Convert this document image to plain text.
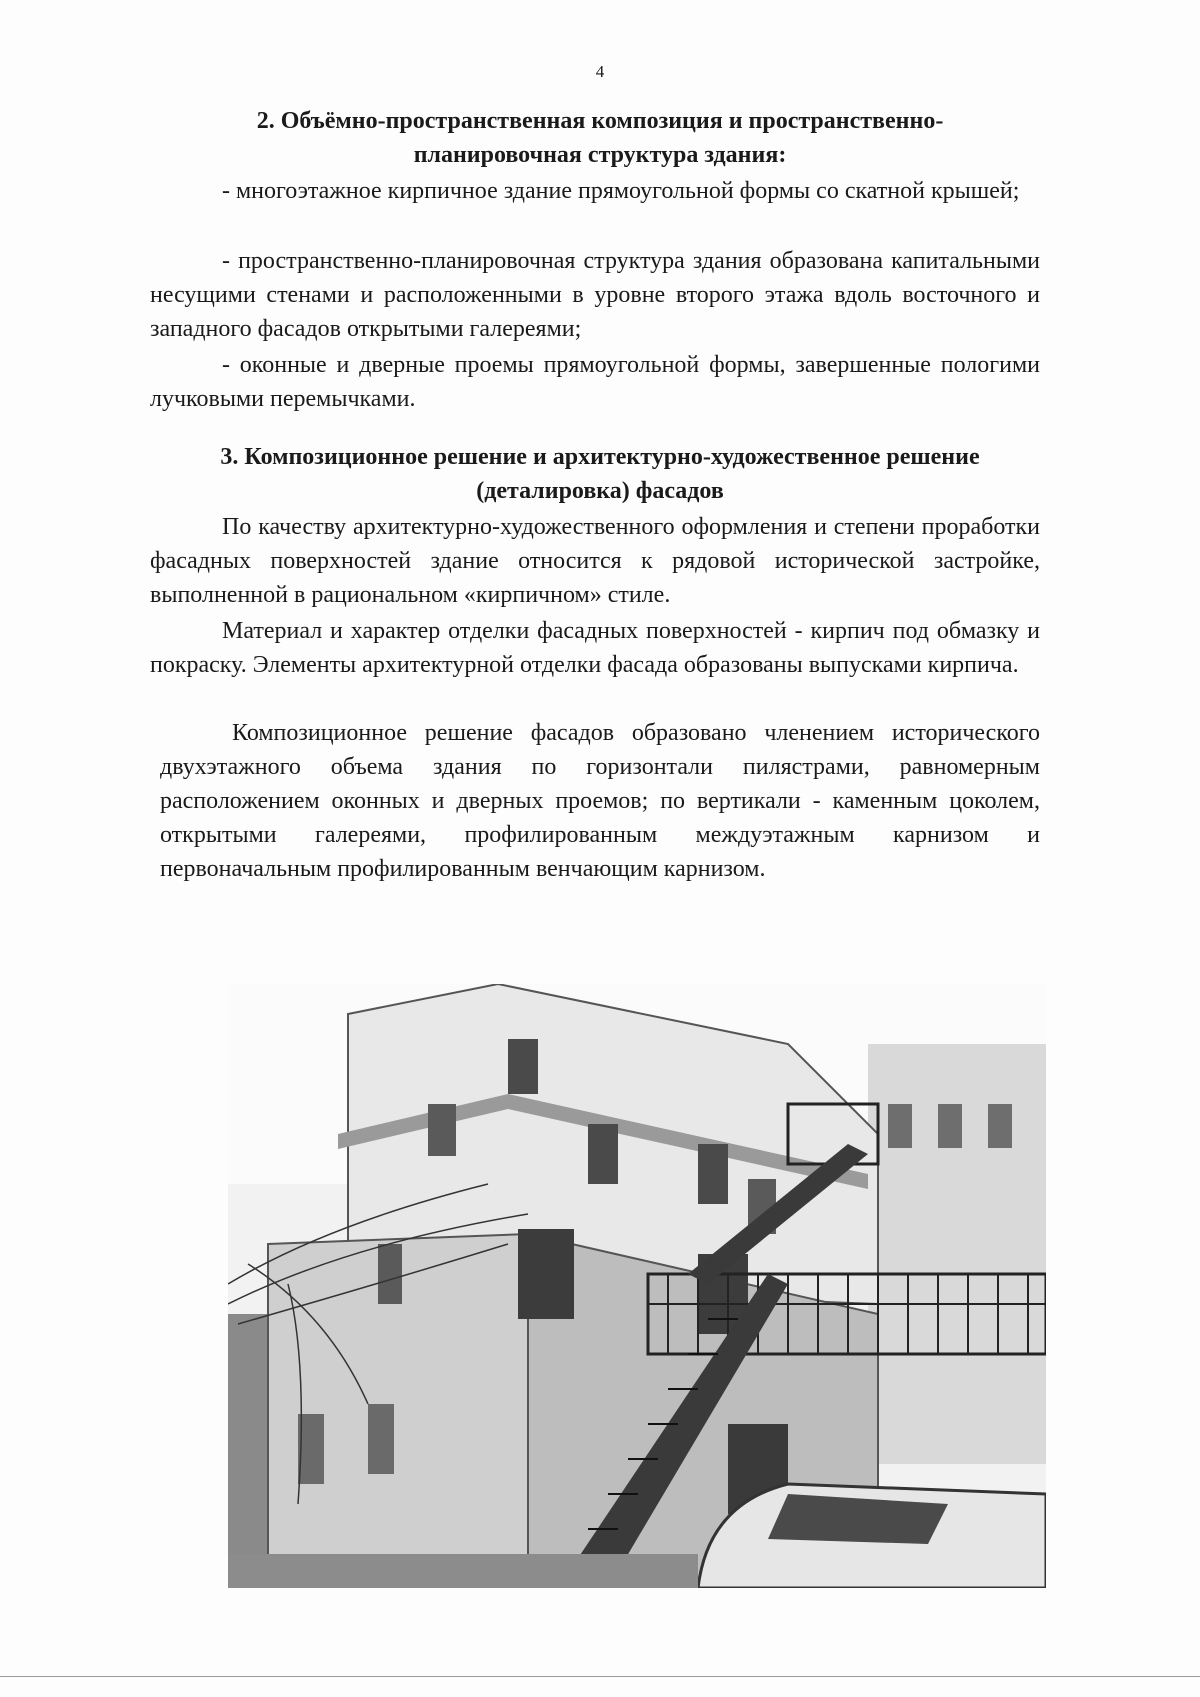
4
2. Объёмно-пространственная композиция и пространственно-
планировочная структура здания:

- многоэтажное кирпичное здание прямоугольной формы со скатной крышей;

- пространственно-планировочная структура здания образована капитальными несущими стенами и расположенными в уровне второго этажа вдоль восточного и западного фасадов открытыми галереями;

- оконные и дверные проемы прямоугольной формы, завершенные пологими лучковыми перемычками.

3. Композиционное решение и архитектурно-художественное решение
(деталировка) фасадов

По качеству архитектурно-художественного оформления и степени проработки фасадных поверхностей здание относится к рядовой исторической застройке, выполненной в рациональном «кирпичном» стиле.

Материал и характер отделки фасадных поверхностей - кирпич под обмазку и покраску. Элементы архитектурной отделки фасада образованы выпусками кирпича.

Композиционное решение фасадов образовано членением исторического двухэтажного объема здания по горизонтали пилястрами, равномерным расположением оконных и дверных проемов; по вертикали - каменным цоколем, открытыми галереями, профилированным междуэтажным карнизом и первоначальным профилированным венчающим карнизом.
